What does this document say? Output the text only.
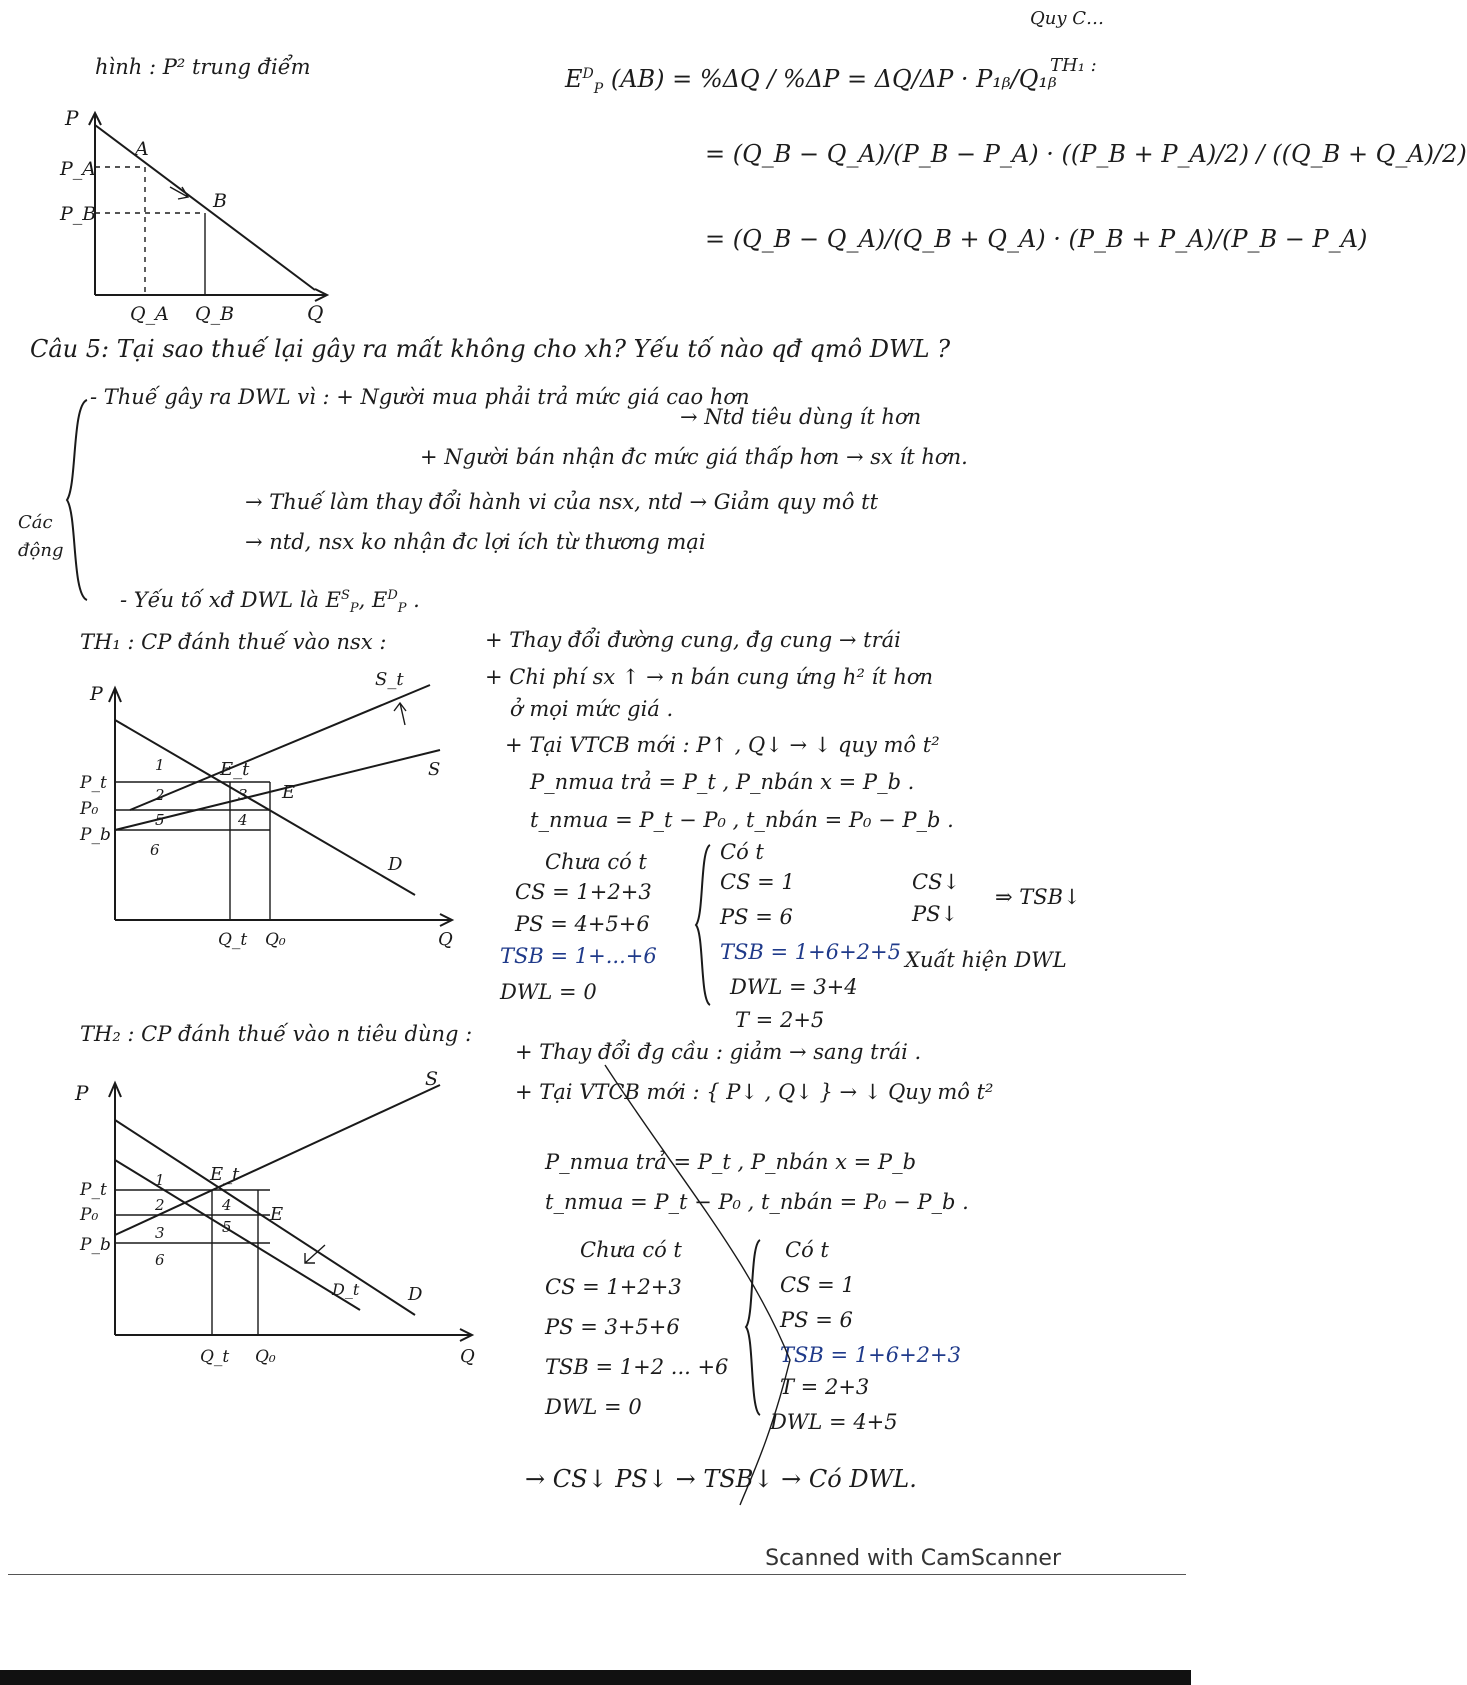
P
P_A
P_B
A
B
Q_A Q_B	Q
hình : P² trung điểm	$E^D_P$ (AB) = %ΔQ / %ΔP = ΔQ/ΔP · P₁ᵦ/Q₁ᵦ
= (Q_B − Q_A)/(P_B − P_A) · ((P_B + P_A)/2) / ((Q_B + Q_A)/2)
= (Q_B − Q_A)/(Q_B + Q_A) · (P_B + P_A)/(P_B − P_A)
Quy C…
TH₁ :
Câu 5: Tại sao thuế lại gây ra mất không cho xh? Yếu tố nào qđ qmô DWL ?
- Thuế gây ra DWL vì : + Người mua phải trả mức giá cao hơn
→ Ntd tiêu dùng ít hơn
+ Người bán nhận đc mức giá thấp hơn → sx ít hơn.
→ Thuế làm thay đổi hành vi của nsx, ntd → Giảm quy mô tt
→ ntd, nsx ko nhận đc lợi ích từ thương mại
- Yếu tố xđ DWL là $E^S_P$, $E^D_P$ .
Các
động
TH₁ : CP đánh thuế vào nsx :	+ Thay đổi đường cung, đg cung → trái
+ Chi phí sx ↑ → n bán cung ứng h² ít hơn
ở mọi mức giá .
+ Tại VTCB mới : P↑ , Q↓ → ↓ quy mô t²
P_nmua trả = P_t , P_nbán x = P_b .
t_nmua = P_t − P₀ , t_nbán = P₀ − P_b .
Chưa có t
CS = 1+2+3
PS = 4+5+6
TSB = 1+...+6
DWL = 0
Có t
CS = 1
PS = 6
TSB = 1+6+2+5
DWL = 3+4
T = 2+5
CS↓
PS↓
⇒ TSB↓
Xuất hiện DWL
P
S_t
S
E_t
E
D
P_t
P₀
P_b
Q_t Q₀	Q
1
2	3
4
5
6
TH₂ : CP đánh thuế vào n tiêu dùng :
+ Thay đổi đg cầu : giảm → sang trái .
+ Tại VTCB mới : { P↓ , Q↓ } → ↓ Quy mô t²
P_nmua trả = P_t , P_nbán x = P_b
t_nmua = P_t − P₀ , t_nbán = P₀ − P_b .
Chưa có t
CS = 1+2+3
PS = 3+5+6
TSB = 1+2 ... +6
DWL = 0
Có t
CS = 1
PS = 6
TSB = 1+6+2+3
T = 2+3
DWL = 4+5
→ CS↓ PS↓ → TSB↓ → Có DWL.
P
S
E_t
E
D
D_t
P_t
P₀
P_b
Q_t Q₀	Q
1
2
3
4
5
6
Scanned with CamScanner
